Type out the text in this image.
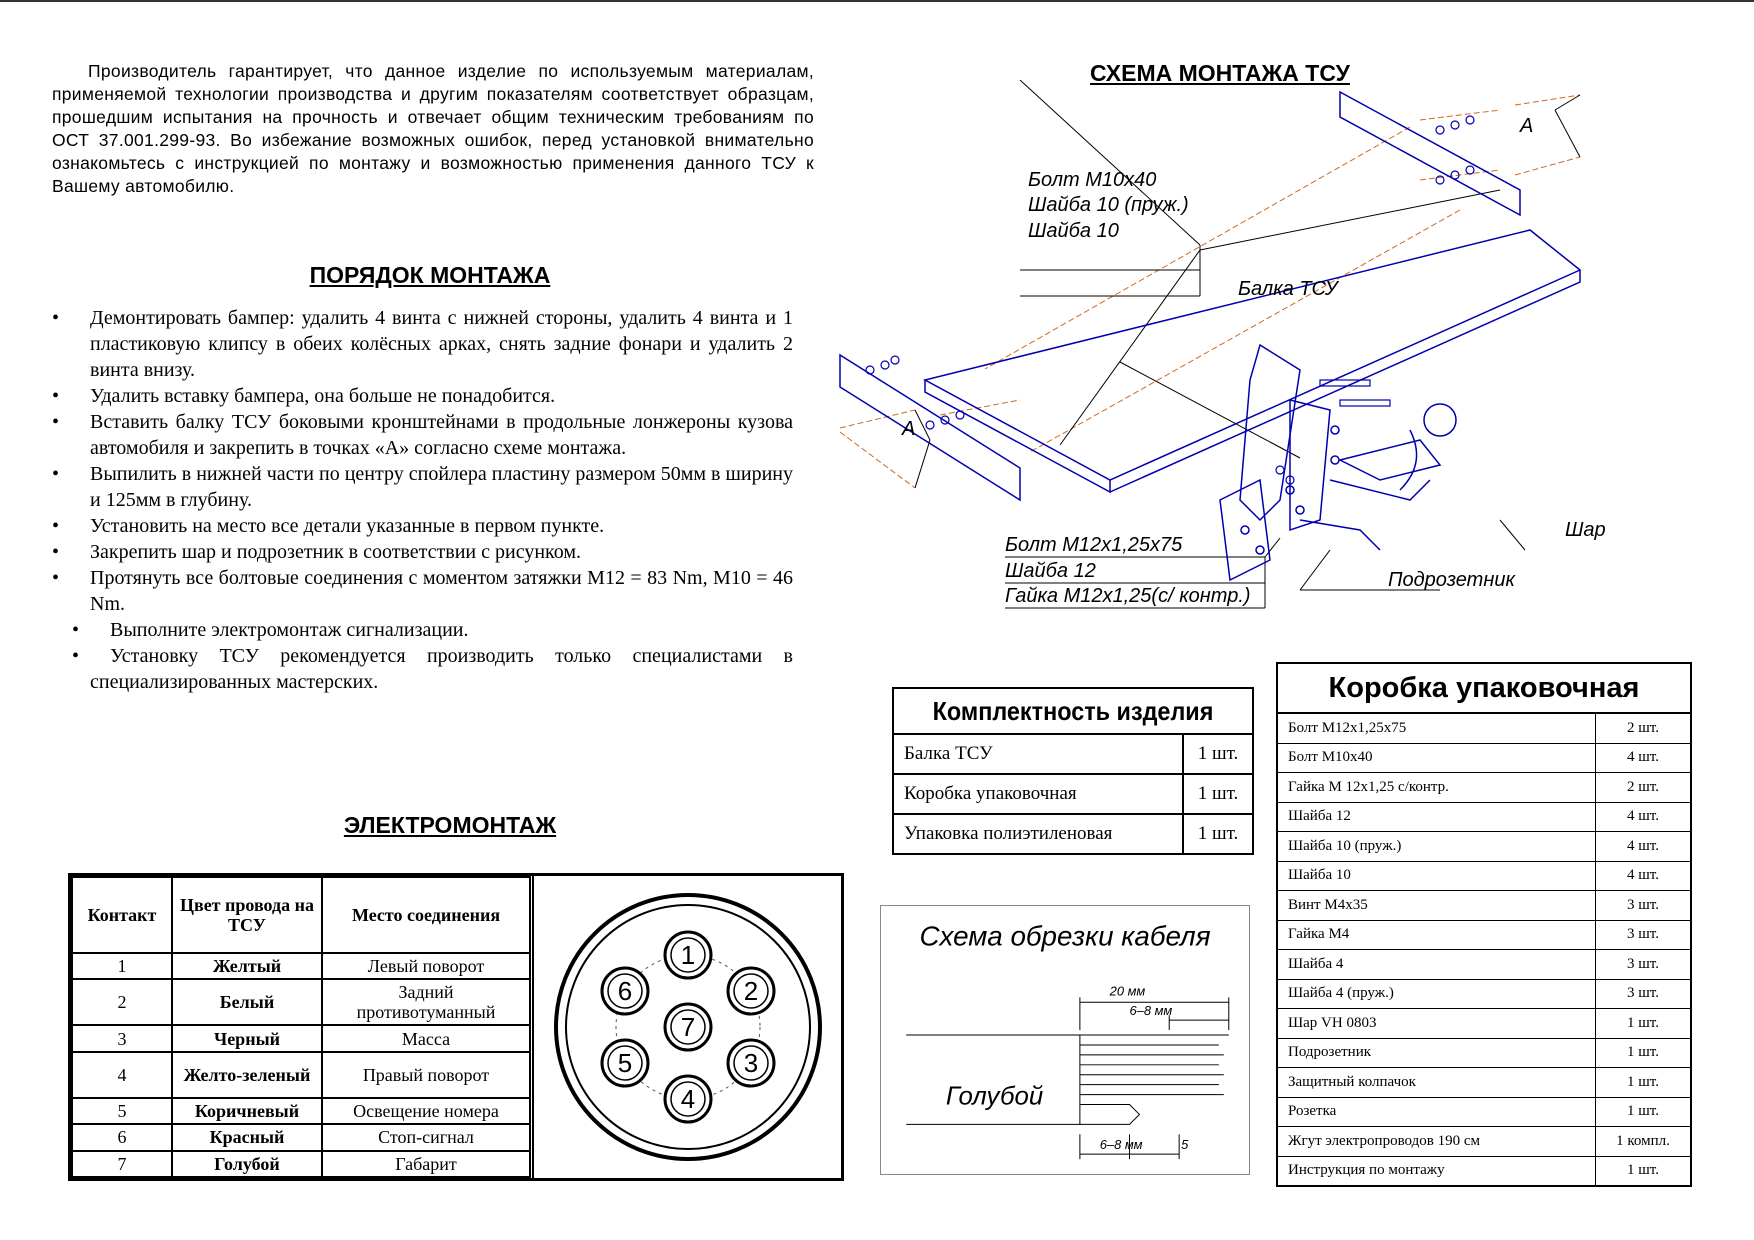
Производитель гарантирует, что данное изделие по используемым материалам, применяемой технологии производства и другим показателям соответствует образцам, прошедшим испытания на прочность и отвечает общим техническим требованиям по ОСТ 37.001.299-93. Во избежание возможных ошибок, перед установкой внимательно ознакомьтесь с инструкцией по монтажу и возможностью применения данного ТСУ к Вашему автомобилю.

ПОРЯДОК МОНТАЖА
• Демонтировать бампер: удалить 4 винта с нижней стороны, удалить 4 винта и 1 пластиковую клипсу в обеих колёсных арках, снять задние фонари и удалить 2 винта внизу.
• Удалить вставку бампера, она больше не понадобится.
• Вставить балку ТСУ боковыми кронштейнами в продольные лонжероны кузова автомобиля и закрепить в точках «А» согласно схеме монтажа.
• Выпилить в нижней части по центру спойлера пластину размером 50мм в ширину и 125мм в глубину.
• Установить на место все детали указанные в первом пункте.
• Закрепить шар и подрозетник в соответствии с рисунком.
• Протянуть все болтовые соединения с моментом затяжки М12 = 83 Nm, М10 = 46 Nm.
• Выполните электромонтаж сигнализации.
• Установку ТСУ рекомендуется производить только специалистами в специализированных мастерских.
ЭЛЕКТРОМОНТАЖ
Контакт	Цвет провода на ТСУ	Место соединения
1	Желтый	Левый поворот
2	Белый	Задний противотуманный
3	Черный	Масса
4	Желто-зеленый	Правый поворот
5	Коричневый	Освещение номера
6	Красный	Стоп-сигнал
7	Голубой	Габарит
1
2
3
4
5
6
7
СХЕМА МОНТАЖА ТСУ
Болт М10х40
Шайба 10 (пруж.)
Шайба 10
Балка ТСУ
А
А
Болт М12х1,25х75
Шайба 12
Гайка М12х1,25(с/ контр.)
Подрозетник
Шар
Комплектность изделия	
Балка ТСУ	1 шт.
Коробка упаковочная	1 шт.
Упаковка полиэтиленовая	1 шт.
Коробка упаковочная	
Болт М12х1,25х75	2 шт.
Болт М10х40	4 шт.
Гайка М 12х1,25 с/контр.	2 шт.
Шайба 12	4 шт.
Шайба 10 (пруж.)	4 шт.
Шайба 10	4 шт.
Винт М4х35	3 шт.
Гайка М4	3 шт.
Шайба 4	3 шт.
Шайба 4 (пруж.)	3 шт.
Шар VH 0803	1 шт.
Подрозетник	1 шт.
Защитный колпачок	1 шт.
Розетка	1 шт.
Жгут электропроводов 190 см	1 компл.
Инструкция по монтажу	1 шт.
Схема обрезки кабеля
20 мм
6–8 мм
6–8 мм	5
Голубой
